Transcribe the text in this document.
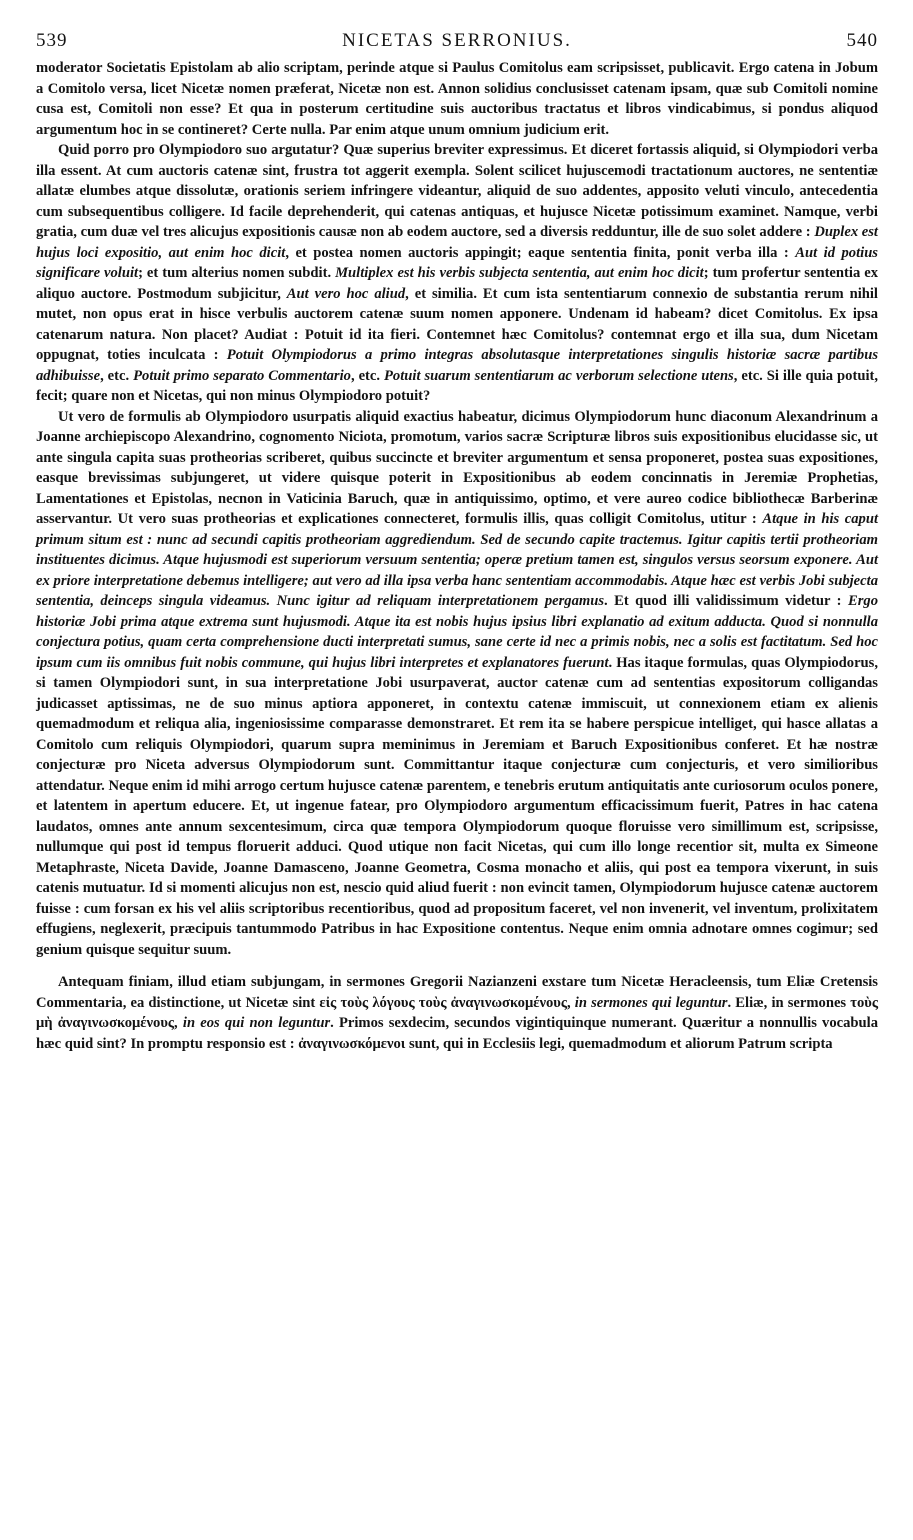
539	NICETAS SERRONIUS.	540

moderator Societatis Epistolam ab alio scriptam, perinde atque si Paulus Comitolus eam scripsisset, publicavit. Ergo catena in Jobum a Comitolo versa, licet Nicetæ nomen præferat, Nicetæ non est. Annon solidius conclusisset catenam ipsam, quæ sub Comitoli nomine cusa est, Comitoli non esse? Et qua in posterum certitudine suis auctoribus tractatus et libros vindicabimus, si pondus aliquod argumentum hoc in se contineret? Certe nulla. Par enim atque unum omnium judicium erit.

Quid porro pro Olympiodoro suo argutatur? Quæ superius breviter expressimus. Et diceret fortassis aliquid, si Olympiodori verba illa essent. At cum auctoris catenæ sint, frustra tot aggerit exempla. Solent scilicet hujuscemodi tractationum auctores, ne sententiæ allatæ elumbes atque dissolutæ, orationis seriem infringere videantur, aliquid de suo addentes, apposito veluti vinculo, antecedentia cum subsequentibus colligere. Id facile deprehenderit, qui catenas antiquas, et hujusce Nicetæ potissimum examinet. Namque, verbi gratia, cum duæ vel tres alicujus expositionis causæ non ab eodem auctore, sed a diversis redduntur, ille de suo solet addere : Duplex est hujus loci expositio, aut enim hoc dicit, et postea nomen auctoris appingit; eaque sententia finita, ponit verba illa : Aut id potius significare voluit; et tum alterius nomen subdit. Multiplex est his verbis subjecta sententia, aut enim hoc dicit; tum profertur sententia ex aliquo auctore. Postmodum subjicitur, Aut vero hoc aliud, et similia. Et cum ista sententiarum connexio de substantia rerum nihil mutet, non opus erat in hisce verbulis auctorem catenæ suum nomen apponere. Undenam id habeam? dicet Comitolus. Ex ipsa catenarum natura. Non placet? Audiat : Potuit id ita fieri. Contemnet hæc Comitolus? contemnat ergo et illa sua, dum Nicetam oppugnat, toties inculcata : Potuit Olympiodorus a primo integras absolutasque interpretationes singulis historiæ sacræ partibus adhibuisse, etc. Potuit primo separato Commentario, etc. Potuit suarum sententiarum ac verborum selectione utens, etc. Si ille quia potuit, fecit; quare non et Nicetas, qui non minus Olympiodoro potuit?

Ut vero de formulis ab Olympiodoro usurpatis aliquid exactius habeatur, dicimus Olympiodorum hunc diaconum Alexandrinum a Joanne archiepiscopo Alexandrino, cognomento Niciota, promotum, varios sacræ Scripturæ libros suis expositionibus elucidasse sic, ut ante singula capita suas protheorias scriberet, quibus succincte et breviter argumentum et sensa proponeret, postea suas expositiones, easque brevissimas subjungeret, ut videre quisque poterit in Expositionibus ab eodem concinnatis in Jeremiæ Prophetias, Lamentationes et Epistolas, necnon in Vaticinia Baruch, quæ in antiquissimo, optimo, et vere aureo codice bibliothecæ Barberinæ asservantur. Ut vero suas protheorias et explicationes connecteret, formulis illis, quas colligit Comitolus, utitur : Atque in his caput primum situm est : nunc ad secundi capitis protheoriam aggrediendum. Sed de secundo capite tractemus. Igitur capitis tertii protheoriam instituentes dicimus. Atque hujusmodi est superiorum versuum sententia; operæ pretium tamen est, singulos versus seorsum exponere. Aut ex priore interpretatione debemus intelligere; aut vero ad illa ipsa verba hanc sententiam accommodabis. Atque hæc est verbis Jobi subjecta sententia, deinceps singula videamus. Nunc igitur ad reliquam interpretationem pergamus. Et quod illi validissimum videtur : Ergo historiæ Jobi prima atque extrema sunt hujusmodi. Atque ita est nobis hujus ipsius libri explanatio ad exitum adducta. Quod si nonnulla conjectura potius, quam certa comprehensione ducti interpretati sumus, sane certe id nec a primis nobis, nec a solis est factitatum. Sed hoc ipsum cum iis omnibus fuit nobis commune, qui hujus libri interpretes et explanatores fuerunt. Has itaque formulas, quas Olympiodorus, si tamen Olympiodori sunt, in sua interpretatione Jobi usurpaverat, auctor catenæ cum ad sententias expositorum colligandas judicasset aptissimas, ne de suo minus aptiora apponeret, in contextu catenæ immiscuit, ut connexionem etiam ex alienis quemadmodum et reliqua alia, ingeniosissime comparasse demonstraret. Et rem ita se habere perspicue intelliget, qui hasce allatas a Comitolo cum reliquis Olympiodori, quarum supra meminimus in Jeremiam et Baruch Expositionibus conferet. Et hæ nostræ conjecturæ pro Niceta adversus Olympiodorum sunt. Committantur itaque conjecturæ cum conjecturis, et vero similioribus attendatur. Neque enim id mihi arrogo certum hujusce catenæ parentem, e tenebris erutum antiquitatis ante curiosorum oculos ponere, et latentem in apertum educere. Et, ut ingenue fatear, pro Olympiodoro argumentum efficacissimum fuerit, Patres in hac catena laudatos, omnes ante annum sexcentesimum, circa quæ tempora Olympiodorum quoque floruisse vero simillimum est, scripsisse, nullumque qui post id tempus floruerit adduci. Quod utique non facit Nicetas, qui cum illo longe recentior sit, multa ex Simeone Metaphraste, Niceta Davide, Joanne Damasceno, Joanne Geometra, Cosma monacho et aliis, qui post ea tempora vixerunt, in suis catenis mutuatur. Id si momenti alicujus non est, nescio quid aliud fuerit : non evincit tamen, Olympiodorum hujusce catenæ auctorem fuisse : cum forsan ex his vel aliis scriptoribus recentioribus, quod ad propositum faceret, vel non invenerit, vel inventum, prolixitatem effugiens, neglexerit, præcipuis tantummodo Patribus in hac Expositione contentus. Neque enim omnia adnotare omnes cogimur; sed genium quisque sequitur suum.

Antequam finiam, illud etiam subjungam, in sermones Gregorii Nazianzeni exstare tum Nicetæ Heracleensis, tum Eliæ Cretensis Commentaria, ea distinctione, ut Nicetæ sint εἰς τοὺς λόγους τοὺς ἀναγινωσκομένους, in sermones qui leguntur. Eliæ, in sermones τοὺς μὴ ἀναγινωσκομένους, in eos qui non leguntur. Primos sexdecim, secundos vigintiquinque numerant. Quæritur a nonnullis vocabula hæc quid sint? In promptu responsio est : ἀναγινωσκόμενοι sunt, qui in Ecclesiis legi, quemadmodum et aliorum Patrum scripta
